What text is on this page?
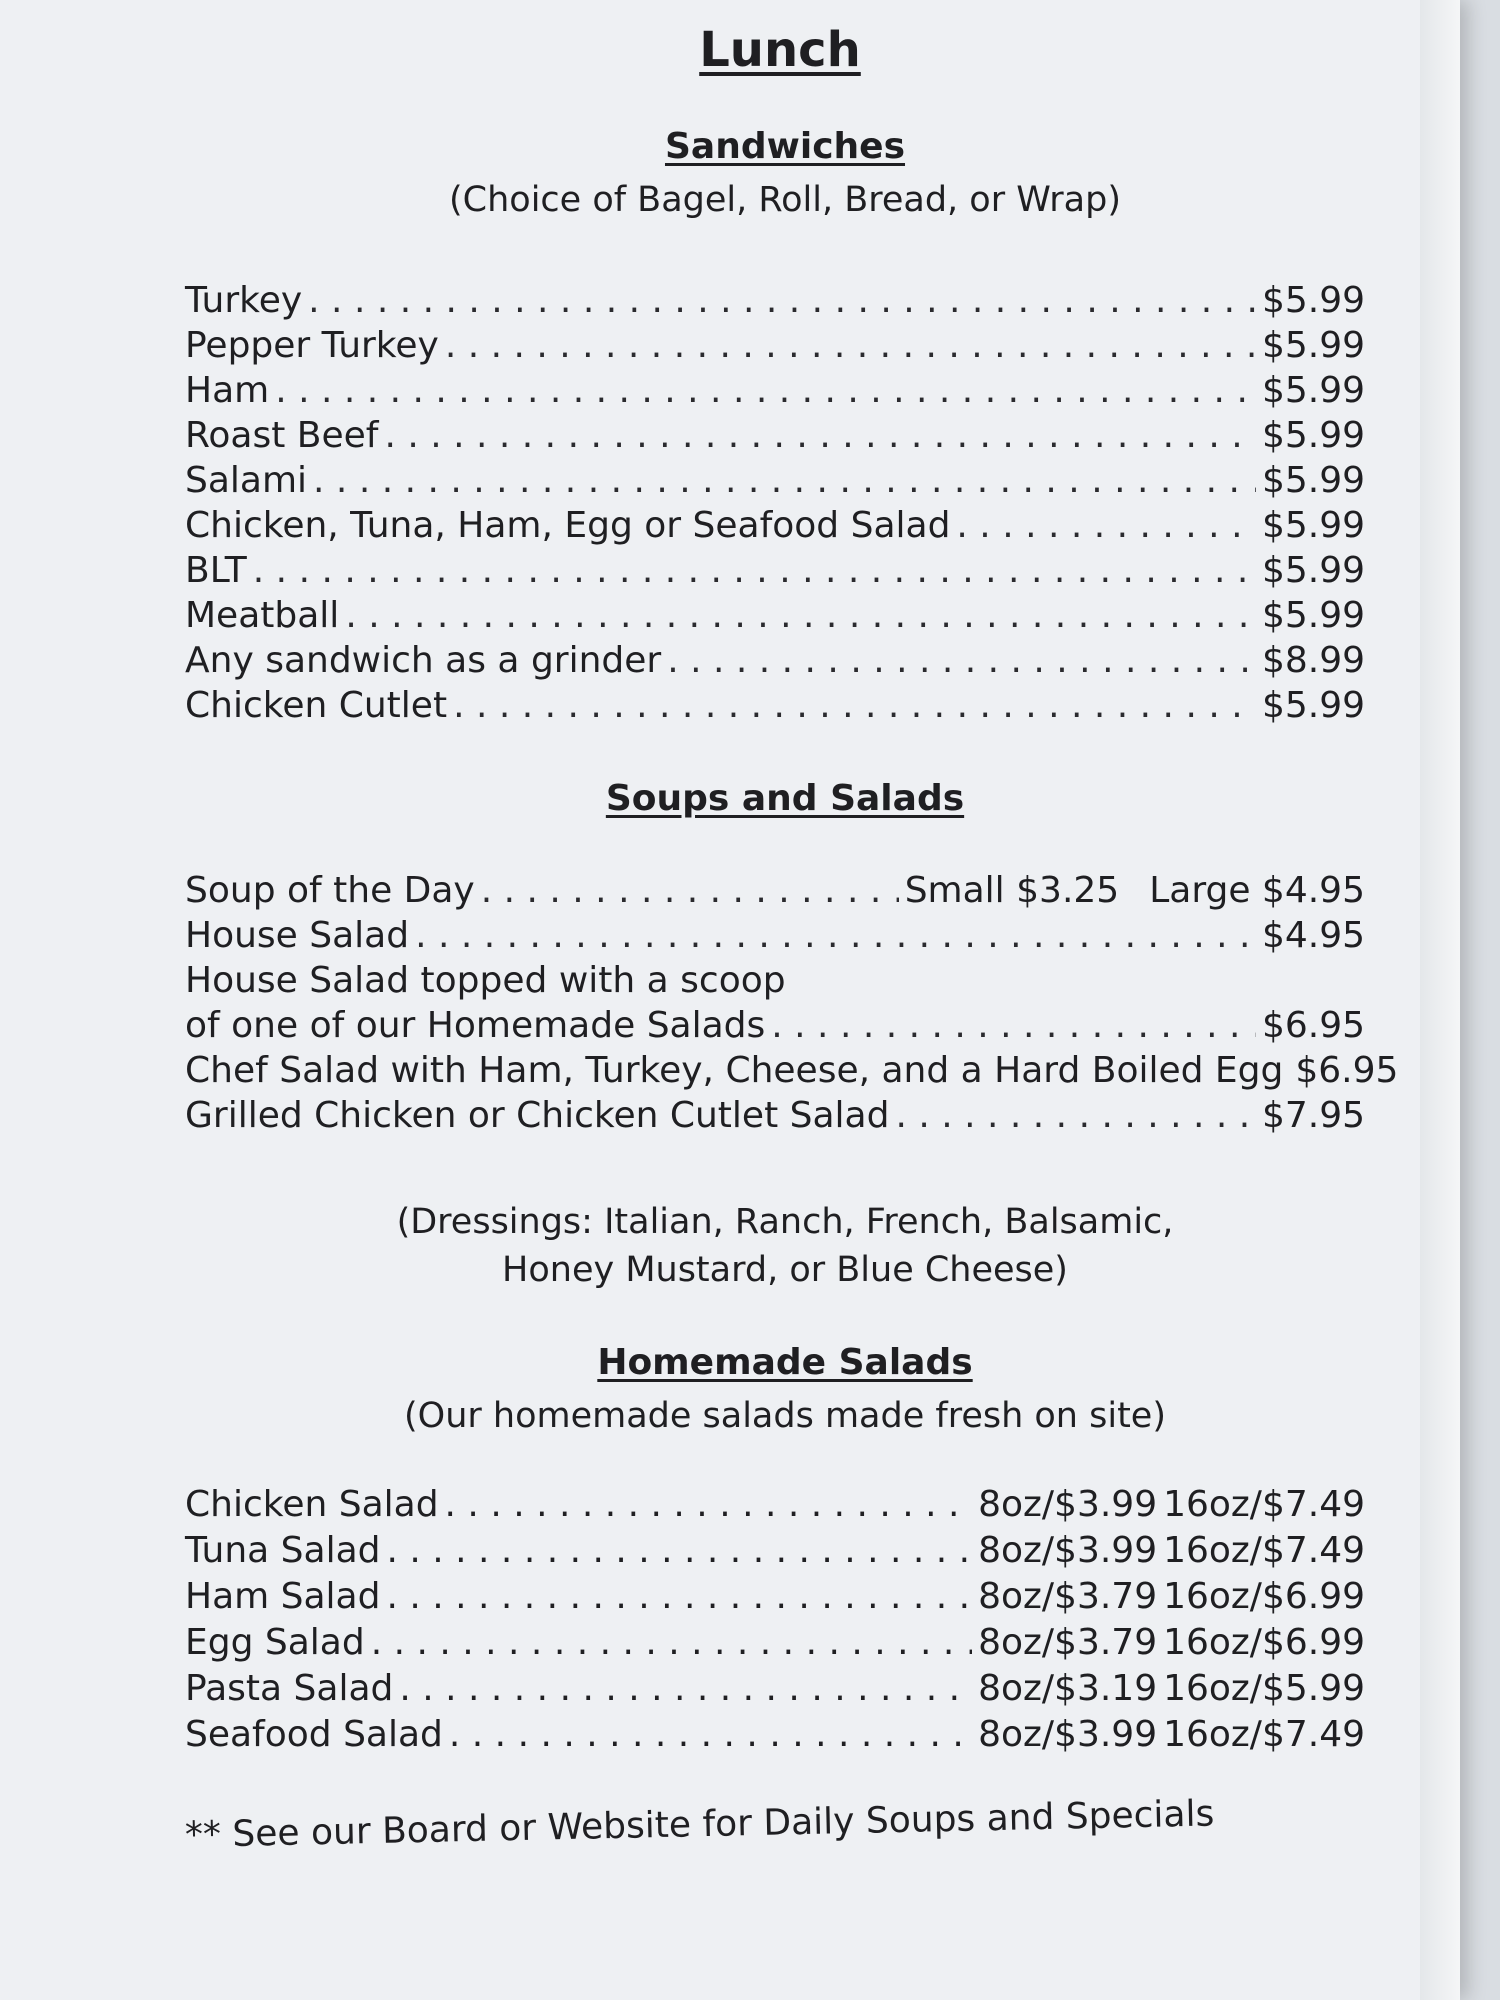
Lunch
Sandwiches
(Choice of Bagel, Roll, Bread, or Wrap)
Turkey . . .	$5.99
Pepper Turkey . . .	$5.99
Ham . . .	$5.99
Roast Beef . . .	$5.99
Salami . . .	$5.99
Chicken, Tuna, Ham, Egg or Seafood Salad . . .	$5.99
BLT . . .	$5.99
Meatball . . .	$5.99
Any sandwich as a grinder . . .	$8.99
Chicken Cutlet . . .	$5.99
Soups and Salads
Soup of the Day . . .	Small $3.25 Large $4.95
House Salad . . .	$4.95
House Salad topped with a scoop
of one of our Homemade Salads . . .	$6.95
Chef Salad with Ham, Turkey, Cheese, and a Hard Boiled Egg $6.95
Grilled Chicken or Chicken Cutlet Salad . . .	$7.95
(Dressings: Italian, Ranch, French, Balsamic,
Honey Mustard, or Blue Cheese)
Homemade Salads
(Our homemade salads made fresh on site)
Chicken Salad . . .	8oz/$3.99 16oz/$7.49
Tuna Salad . . .	8oz/$3.99 16oz/$7.49
Ham Salad . . .	8oz/$3.79 16oz/$6.99
Egg Salad . . .	8oz/$3.79 16oz/$6.99
Pasta Salad . . .	8oz/$3.19 16oz/$5.99
Seafood Salad . . .	8oz/$3.99 16oz/$7.49
** See our Board or Website for Daily Soups and Specials
